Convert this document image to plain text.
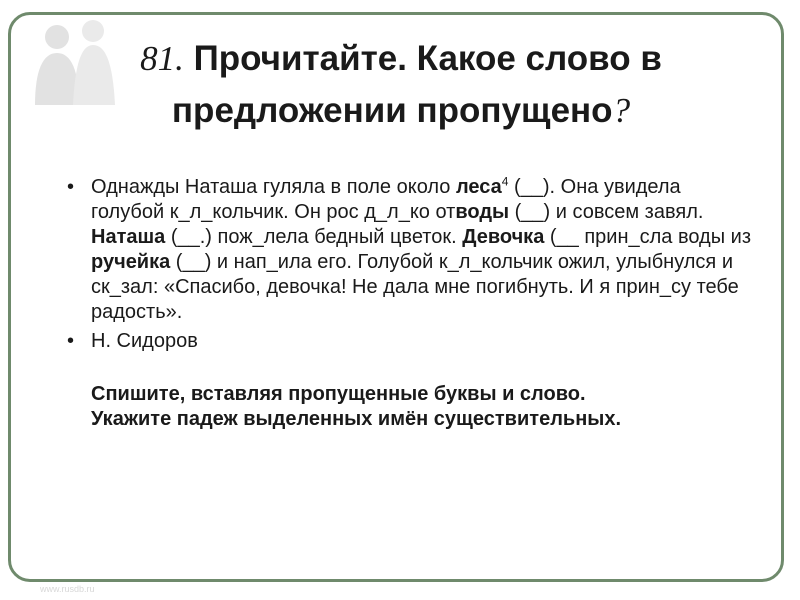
81. Прочитайте. Какое слово в
предложении пропущено?
• Однажды Наташа гуляла в поле около леса$^4$ (__). Она увидела голубой к_л_кольчик. Он рос д_л_ко отводы (__) и совсем завял. Наташа (__.) пож_лела бедный цветок. Девочка (__ прин_сла воды из ручейка (__) и нап_ила его. Голубой к_л_кольчик ожил, улыбнулся и ск_зал: «Спасибо, девочка! Не дала мне погибнуть. И я прин_су тебе радость».
• Н. Сидоров
Спишите, вставляя пропущенные буквы и слово.
Укажите падеж выделенных имён существительных.
www.rusdb.ru
